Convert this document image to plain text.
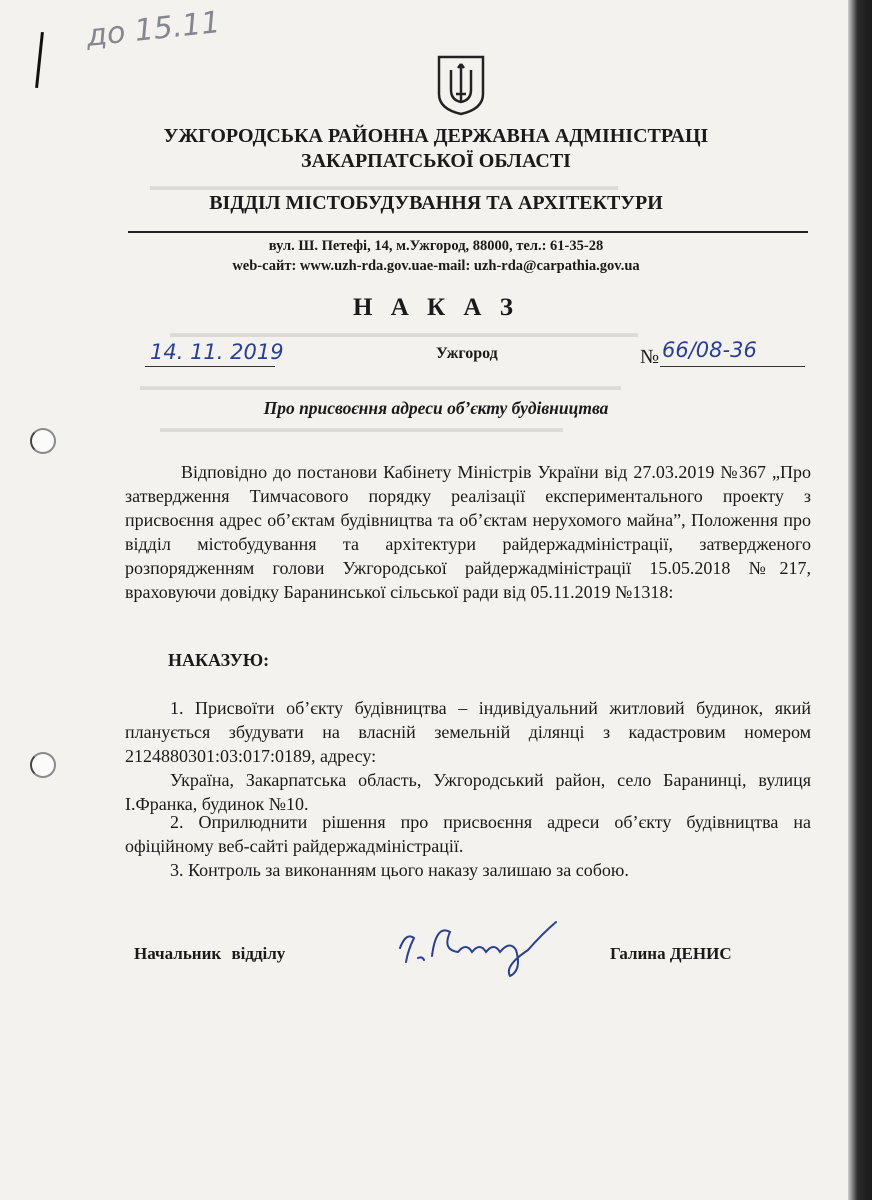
▬▬▬▬▬▬▬▬▬▬▬▬▬▬▬▬▬▬▬▬▬▬▬▬▬▬▬▬▬▬▬▬▬▬▬▬
▬▬▬▬▬▬▬▬▬▬▬▬▬▬▬▬▬▬▬▬▬▬▬▬▬▬▬▬▬▬▬▬▬▬▬▬
▬▬▬▬▬▬▬▬▬▬▬▬▬▬▬▬▬▬▬▬▬▬▬▬▬▬▬▬▬▬▬▬▬▬▬▬▬
▬▬▬▬▬▬▬▬▬▬▬▬▬▬▬▬▬▬▬▬▬▬▬▬▬▬▬▬▬▬▬
до 15.11
УЖГОРОДСЬКА РАЙОННА ДЕРЖАВНА АДМІНІСТРАЦІ
ЗАКАРПАТСЬКОЇ ОБЛАСТІ
ВІДДІЛ МІСТОБУДУВАННЯ ТА АРХІТЕКТУРИ
вул. Ш. Петефі, 14, м.Ужгород, 88000, тел.: 61-35-28
web-сайт: www.uzh-rda.gov.uae-mail: uzh-rda@carpathia.gov.ua
Н А К А З
14. 11. 2019	Ужгород	№ 66/08-36
Про присвоєння адреси об’єкту будівництва
Відповідно до постанови Кабінету Міністрів України від 27.03.2019 №367 „Про затвердження Тимчасового порядку реалізації експериментального проекту з присвоєння адрес об’єктам будівництва та об’єктам нерухомого майна”, Положення про відділ містобудування та архітектури райдержадміністрації, затвердженого розпорядженням голови Ужгородської райдержадміністрації 15.05.2018 №217, враховуючи довідку Баранинської сільської ради від 05.11.2019 №1318:
НАКАЗУЮ:
1. Присвоїти об’єкту будівництва – індивідуальний житловий будинок, який планується збудувати на власній земельній ділянці з кадастровим номером 2124880301:03:017:0189, адресу:
Україна, Закарпатська область, Ужгородський район, село Баранинці, вулиця І.Франка, будинок №10.
2. Оприлюднити рішення про присвоєння адреси об’єкту будівництва на офіційному веб-сайті райдержадміністрації.
3. Контроль за виконанням цього наказу залишаю за собою.
Начальник відділу	Галина ДЕНИС
